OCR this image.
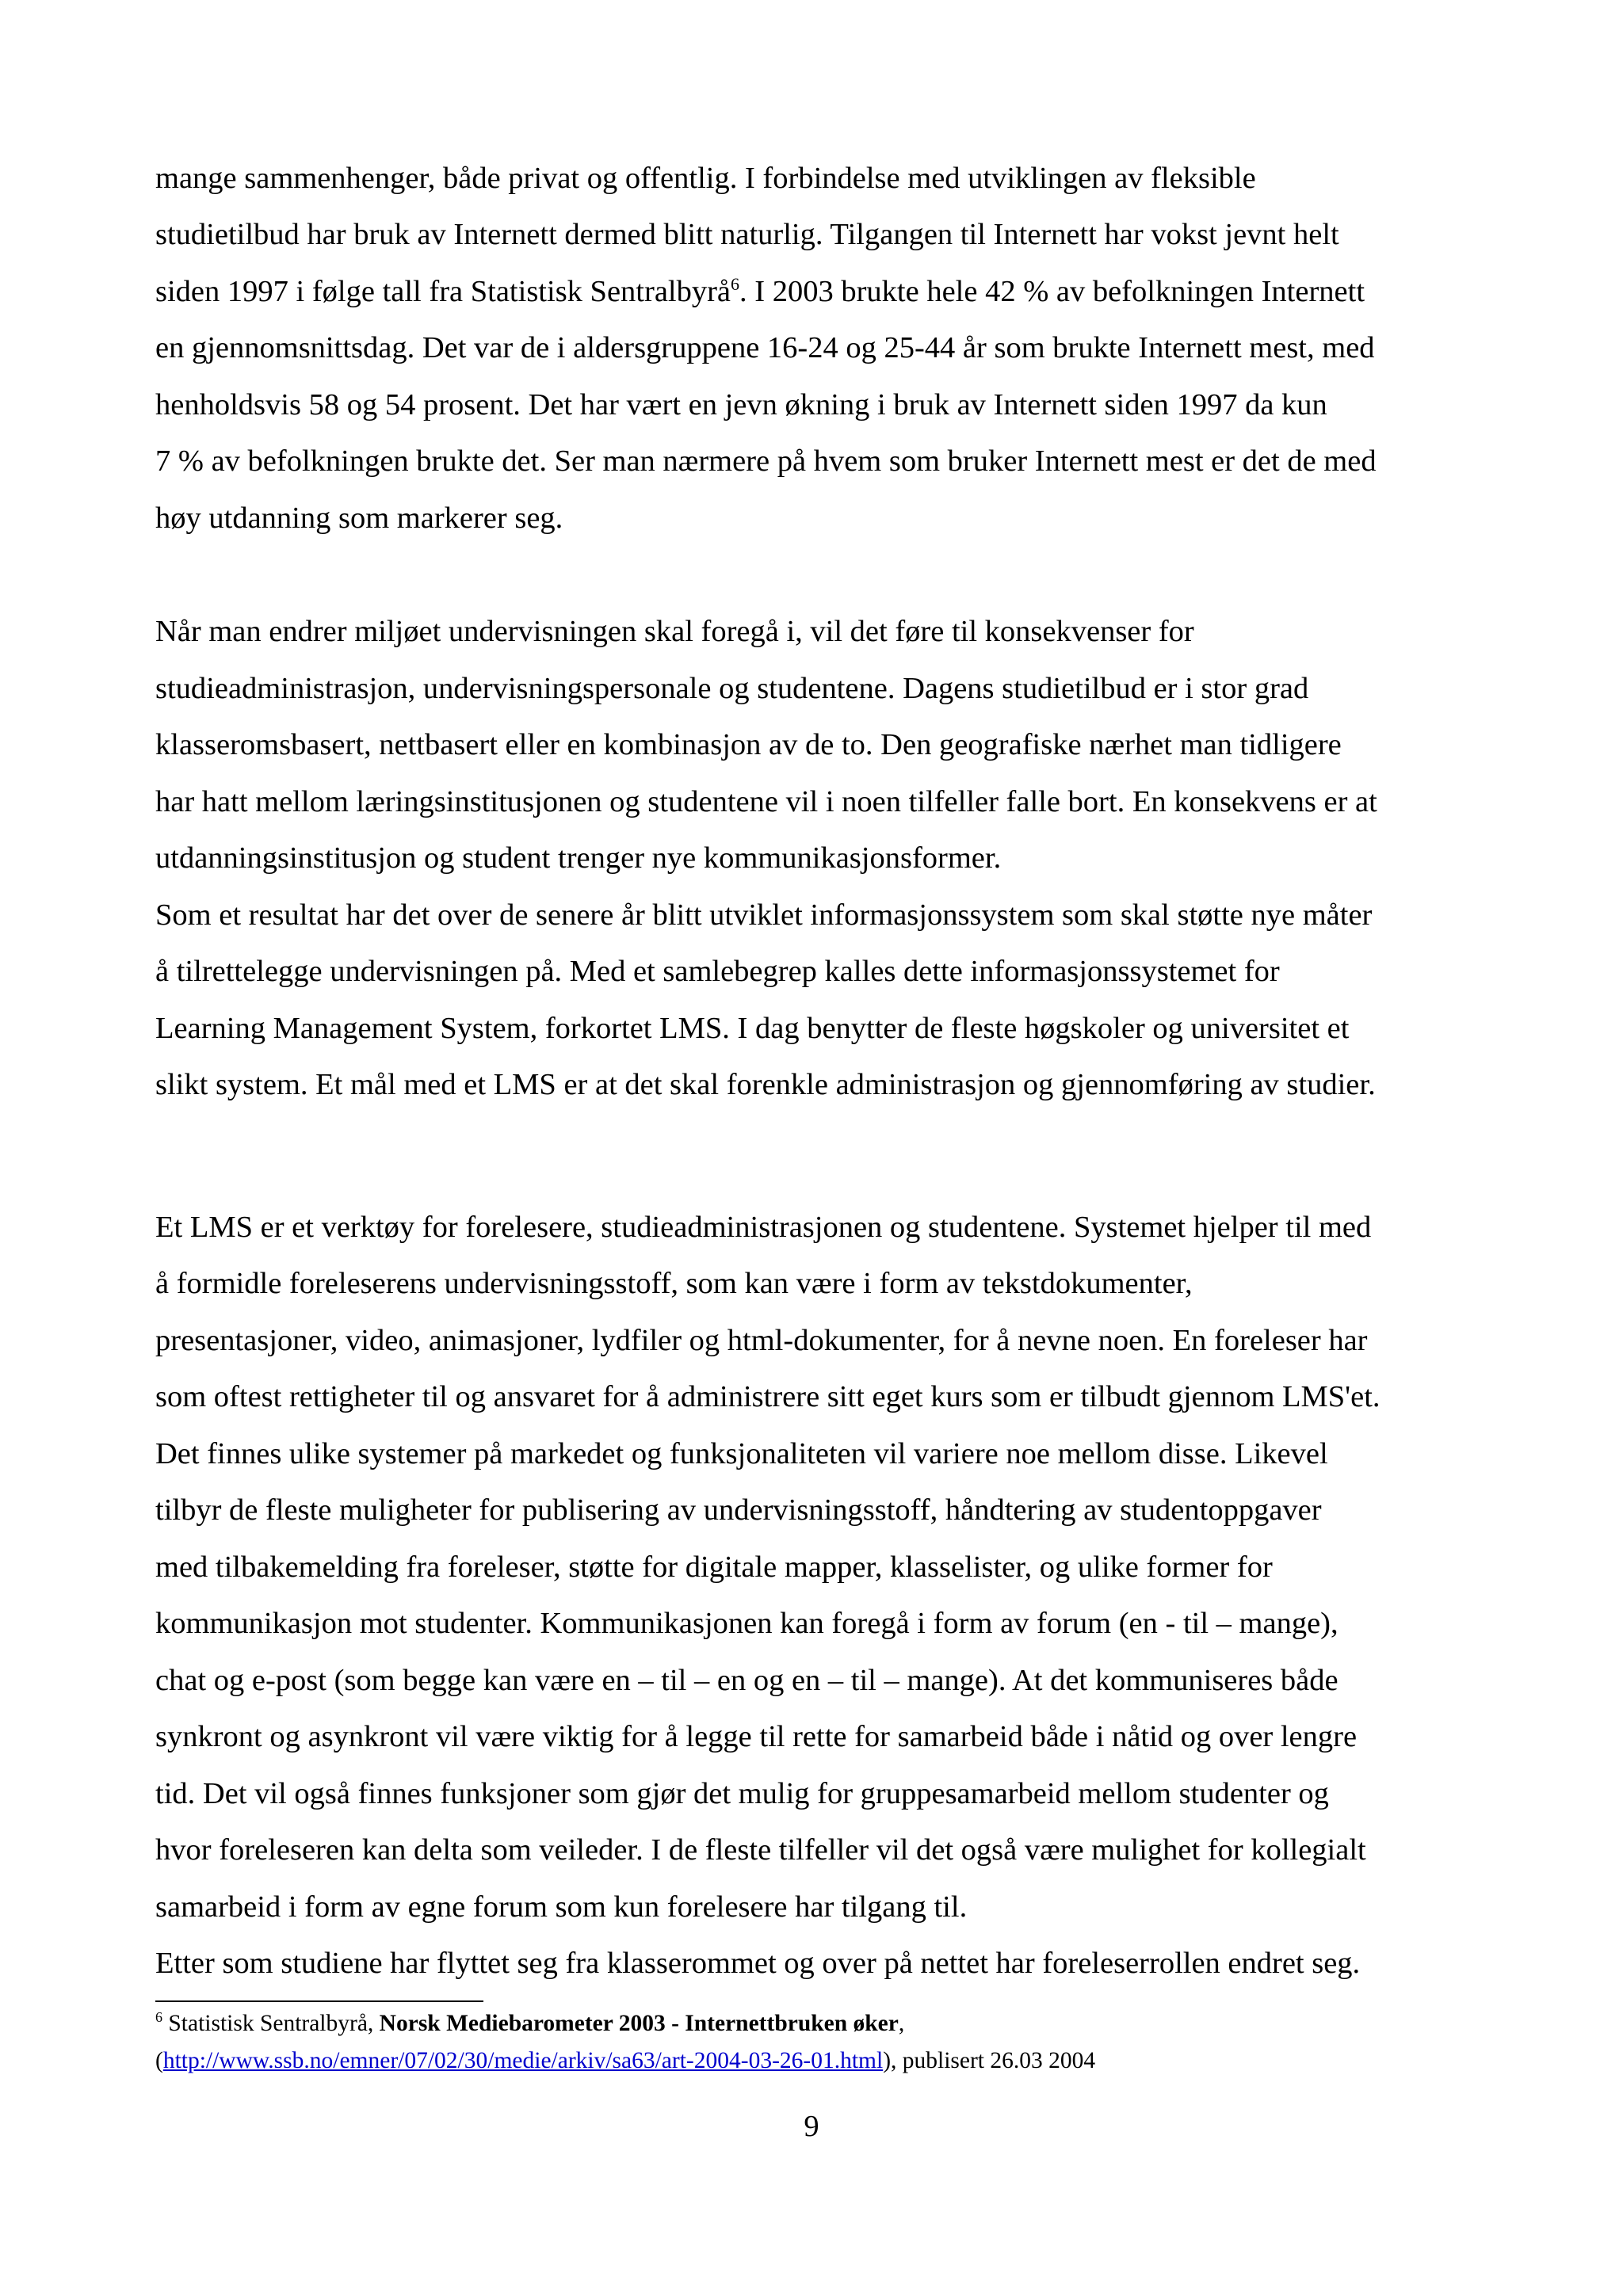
mange sammenhenger, både privat og offentlig. I forbindelse med utviklingen av fleksible
studietilbud har bruk av Internett dermed blitt naturlig. Tilgangen til Internett har vokst jevnt helt
siden 1997 i følge tall fra Statistisk Sentralbyrå$^6$. I 2003 brukte hele 42 % av befolkningen Internett
en gjennomsnittsdag. Det var de i aldersgruppene 16-24 og 25-44 år som brukte Internett mest, med
henholdsvis 58 og 54 prosent. Det har vært en jevn økning i bruk av Internett siden 1997 da kun
7 % av befolkningen brukte det. Ser man nærmere på hvem som bruker Internett mest er det de med
høy utdanning som markerer seg.
Når man endrer miljøet undervisningen skal foregå i, vil det føre til konsekvenser for
studieadministrasjon, undervisningspersonale og studentene. Dagens studietilbud er i stor grad
klasseromsbasert, nettbasert eller en kombinasjon av de to. Den geografiske nærhet man tidligere
har hatt mellom læringsinstitusjonen og studentene vil i noen tilfeller falle bort. En konsekvens er at
utdanningsinstitusjon og student trenger nye kommunikasjonsformer.
Som et resultat har det over de senere år blitt utviklet informasjonssystem som skal støtte nye måter
å tilrettelegge undervisningen på. Med et samlebegrep kalles dette informasjonssystemet for
Learning Management System, forkortet LMS. I dag benytter de fleste høgskoler og universitet et
slikt system. Et mål med et LMS er at det skal forenkle administrasjon og gjennomføring av studier.
Et LMS er et verktøy for forelesere, studieadministrasjonen og studentene. Systemet hjelper til med
å formidle foreleserens undervisningsstoff, som kan være i form av tekstdokumenter,
presentasjoner, video, animasjoner, lydfiler og html-dokumenter, for å nevne noen. En foreleser har
som oftest rettigheter til og ansvaret for å administrere sitt eget kurs som er tilbudt gjennom LMS'et.
Det finnes ulike systemer på markedet og funksjonaliteten vil variere noe mellom disse. Likevel
tilbyr de fleste muligheter for publisering av undervisningsstoff, håndtering av studentoppgaver
med tilbakemelding fra foreleser, støtte for digitale mapper, klasselister, og ulike former for
kommunikasjon mot studenter. Kommunikasjonen kan foregå i form av forum (en - til – mange),
chat og e-post (som begge kan være en – til – en og en – til – mange). At det kommuniseres både
synkront og asynkront vil være viktig for å legge til rette for samarbeid både i nåtid og over lengre
tid. Det vil også finnes funksjoner som gjør det mulig for gruppesamarbeid mellom studenter og
hvor foreleseren kan delta som veileder. I de fleste tilfeller vil det også være mulighet for kollegialt
samarbeid i form av egne forum som kun forelesere har tilgang til.
Etter som studiene har flyttet seg fra klasserommet og over på nettet har foreleserrollen endret seg.
$^6$ Statistisk Sentralbyrå, Norsk Mediebarometer 2003 - Internettbruken øker,
(http://www.ssb.no/emner/07/02/30/medie/arkiv/sa63/art-2004-03-26-01.html), publisert 26.03 2004
9
